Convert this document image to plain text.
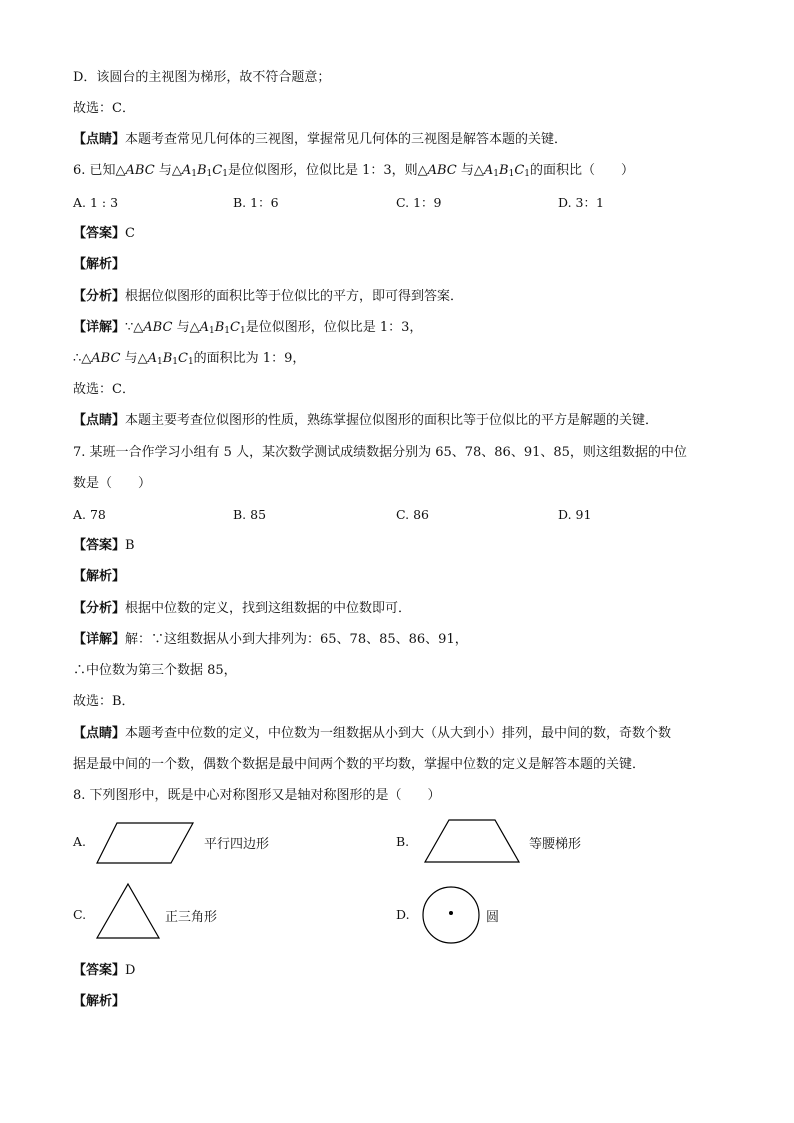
D．该圆台的主视图为梯形，故不符合题意；
故选：C．
【点睛】本题考查常见几何体的三视图，掌握常见几何体的三视图是解答本题的关键．
6. 已知△ABC 与$\triangle A_1B_1C_1$是位似图形，位似比是 1：3，则△ABC 与$\triangle A_1B_1C_1$的面积比（　　）
A. 1 : 3	B. 1：6	C. 1：9	D. 3：1
【答案】C
【解析】
【分析】根据位似图形的面积比等于位似比的平方，即可得到答案．
【详解】∵△ABC 与$\triangle A_1B_1C_1$是位似图形，位似比是 1：3，
∴△ABC 与$\triangle A_1B_1C_1$的面积比为 1：9，
故选：C．
【点睛】本题主要考查位似图形的性质，熟练掌握位似图形的面积比等于位似比的平方是解题的关键．
7. 某班一合作学习小组有 5 人，某次数学测试成绩数据分别为 65、78、86、91、85，则这组数据的中位
数是（　　）
A. 78	B. 85	C. 86	D. 91
【答案】B
【解析】
【分析】根据中位数的定义，找到这组数据的中位数即可．
【详解】解：∵这组数据从小到大排列为：65、78、85、86、91，
∴中位数为第三个数据 85，
故选：B．
【点睛】本题考查中位数的定义，中位数为一组数据从小到大（从大到小）排列，最中间的数，奇数个数
据是最中间的一个数，偶数个数据是最中间两个数的平均数，掌握中位数的定义是解答本题的关键．
8. 下列图形中，既是中心对称图形又是轴对称图形的是（　　）
A.	平行四边形	B.	等腰梯形
C.	正三角形	D.	圆
【答案】D
【解析】
